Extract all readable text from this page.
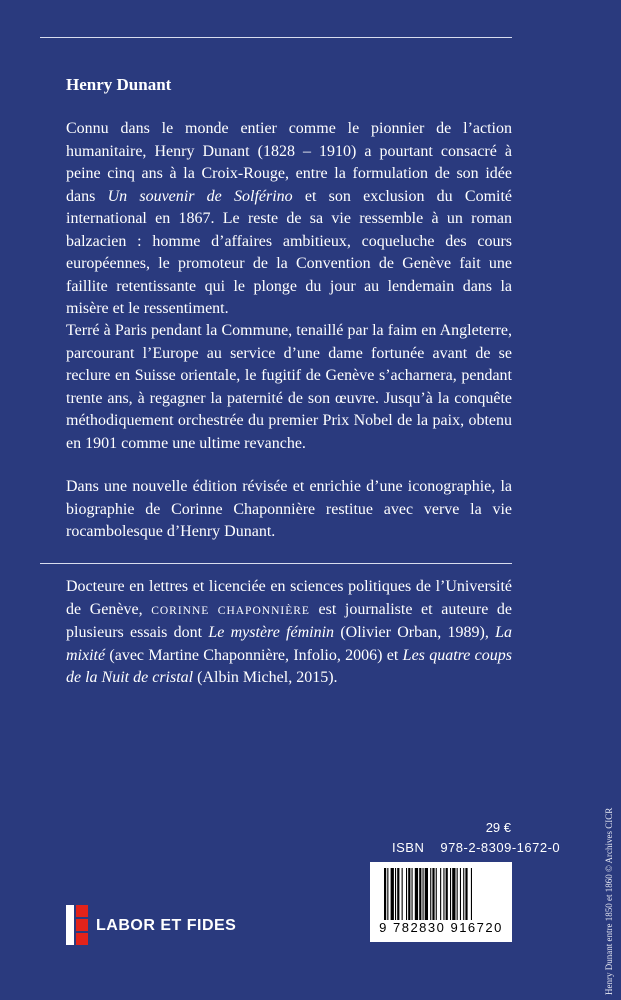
Henry Dunant

Connu dans le monde entier comme le pionnier de l’action humanitaire, Henry Dunant (1828 – 1910) a pourtant consacré à peine cinq ans à la Croix-Rouge, entre la formulation de son idée dans Un souvenir de Solférino et son exclusion du Comité international en 1867. Le reste de sa vie ressemble à un roman balzacien : homme d’affaires ambitieux, coqueluche des cours européennes, le promoteur de la Convention de Genève fait une faillite retentissante qui le plonge du jour au lendemain dans la misère et le ressentiment.

Terré à Paris pendant la Commune, tenaillé par la faim en Angleterre, parcourant l’Europe au service d’une dame fortunée avant de se reclure en Suisse orientale, le fugitif de Genève s’acharnera, pendant trente ans, à regagner la paternité de son œuvre. Jusqu’à la conquête méthodiquement orchestrée du premier Prix Nobel de la paix, obtenu en 1901 comme une ultime revanche.

Dans une nouvelle édition révisée et enrichie d’une iconographie, la biographie de Corinne Chaponnière restitue avec verve la vie rocambolesque d’Henry Dunant.

Docteure en lettres et licenciée en sciences politiques de l’Université de Genève, CORINNE CHAPONNIÈRE est journaliste et auteure de plusieurs essais dont Le mystère féminin (Olivier Orban, 1989), La mixité (avec Martine Chaponnière, Infolio, 2006) et Les quatre coups de la Nuit de cristal (Albin Michel, 2015).

29 €
ISBN 978-2-8309-1672-0
9 782830 916720
LABOR ET FIDES	Henry Dunant entre 1850 et 1860 © Archives CICR
